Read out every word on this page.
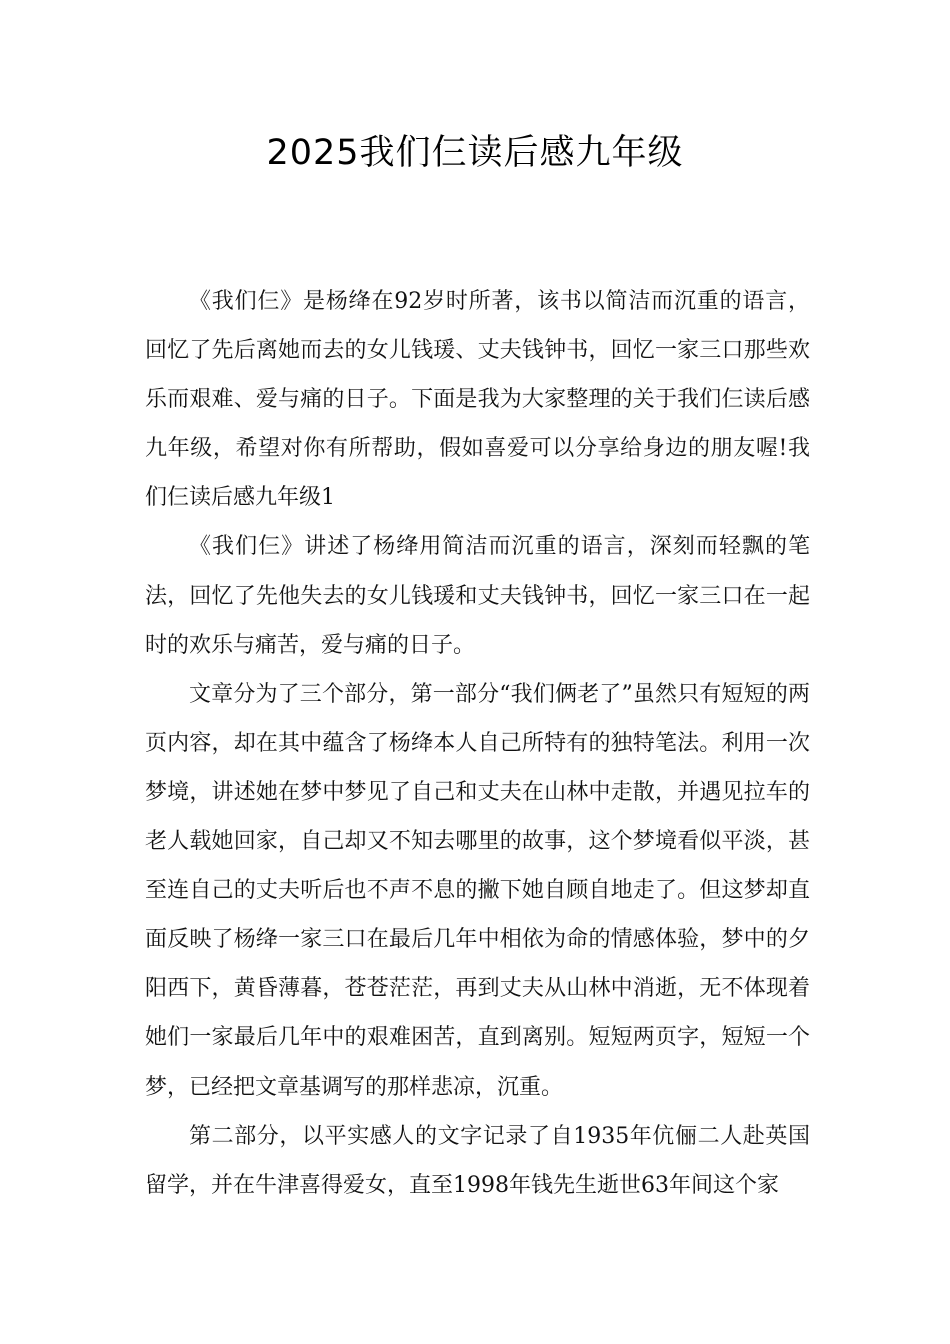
2025我们仨读后感九年级

《我们仨》是杨绛在92岁时所著，该书以简洁而沉重的语言，回忆了先后离她而去的女儿钱瑗、丈夫钱钟书，回忆一家三口那些欢乐而艰难、爱与痛的日子。下面是我为大家整理的关于我们仨读后感九年级，希望对你有所帮助，假如喜爱可以分享给身边的朋友喔!我们仨读后感九年级1

《我们仨》讲述了杨绛用简洁而沉重的语言，深刻而轻飘的笔法，回忆了先他失去的女儿钱瑗和丈夫钱钟书，回忆一家三口在一起时的欢乐与痛苦，爱与痛的日子。

文章分为了三个部分，第一部分“我们俩老了”虽然只有短短的两页内容，却在其中蕴含了杨绛本人自己所特有的独特笔法。利用一次梦境，讲述她在梦中梦见了自己和丈夫在山林中走散，并遇见拉车的老人载她回家，自己却又不知去哪里的故事，这个梦境看似平淡，甚至连自己的丈夫听后也不声不息的撇下她自顾自地走了。但这梦却直面反映了杨绛一家三口在最后几年中相依为命的情感体验，梦中的夕阳西下，黄昏薄暮，苍苍茫茫，再到丈夫从山林中消逝，无不体现着她们一家最后几年中的艰难困苦，直到离别。短短两页字，短短一个梦，已经把文章基调写的那样悲凉，沉重。

第二部分，以平实感人的文字记录了自1935年伉俪二人赴英国留学，并在牛津喜得爱女，直至1998年钱先生逝世63年间这个家
